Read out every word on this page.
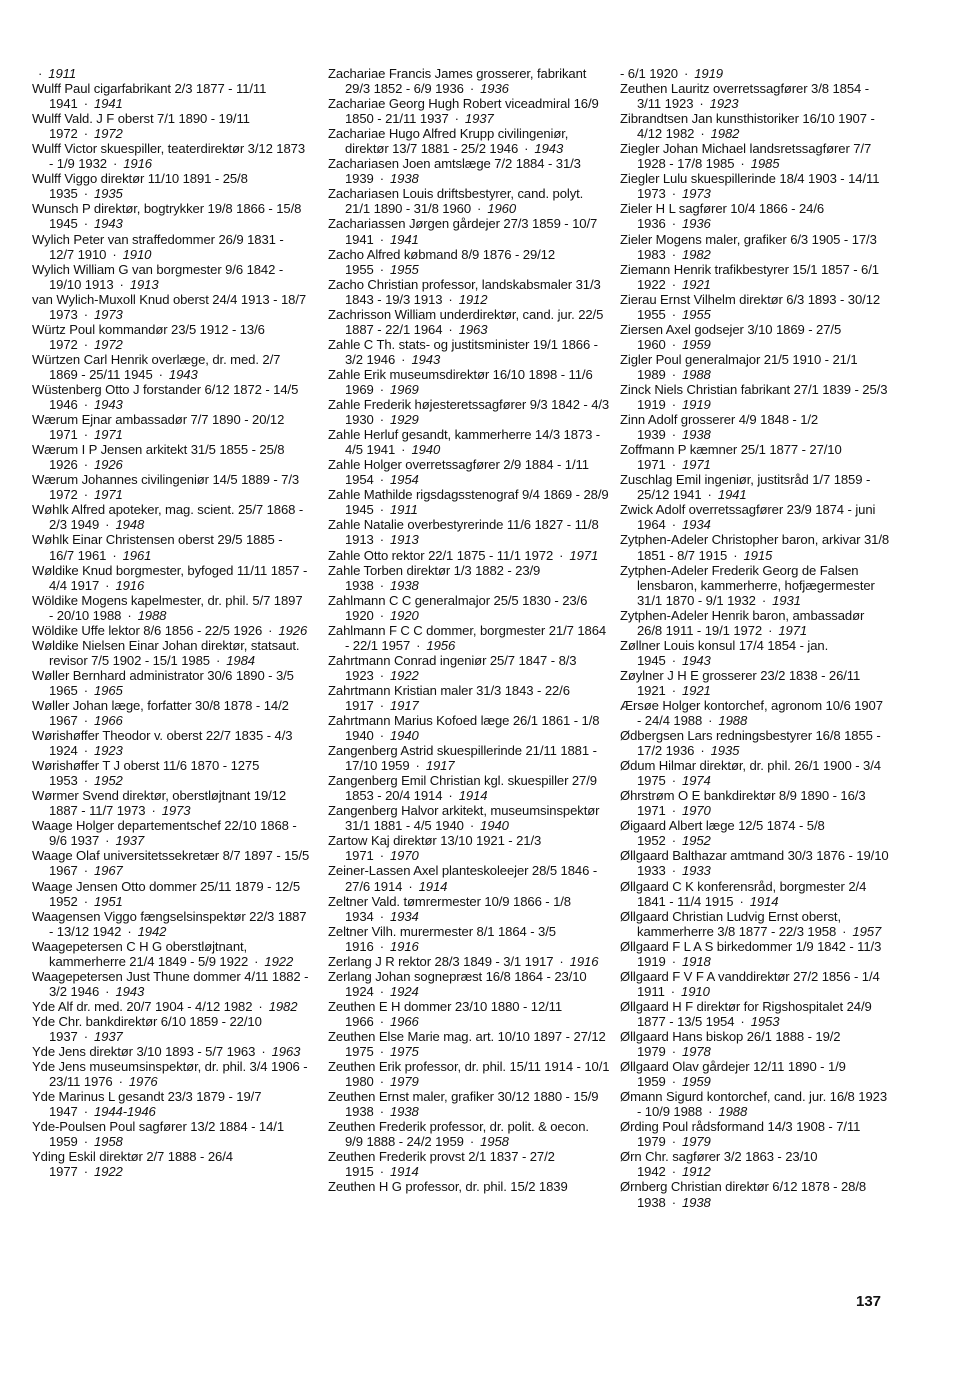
· 1911

Wulff Paul cigarfabrikant 2/3 1877 - 11/11 1941 · 1941

Wulff Vald. J F oberst 7/1 1890 - 19/11 1972 · 1972

Wulff Victor skuespiller, teaterdirektør 3/12 1873 - 1/9 1932 · 1916

Wulff Viggo direktør 11/10 1891 - 25/8 1935 · 1935

Wunsch P direktør, bogtrykker 19/8 1866 - 15/8 1945 · 1943

Wylich Peter van straffedommer 26/9 1831 - 12/7 1910 · 1910

Wylich William G van borgmester 9/6 1842 - 19/10 1913 · 1913

van Wylich-Muxoll Knud oberst 24/4 1913 - 18/7 1973 · 1973

Würtz Poul kommandør 23/5 1912 - 13/6 1972 · 1972

Würtzen Carl Henrik overlæge, dr. med. 2/7 1869 - 25/11 1945 · 1943

Wüstenberg Otto J forstander 6/12 1872 - 14/5 1946 · 1943

Wærum Ejnar ambassadør 7/7 1890 - 20/12 1971 · 1971

Wærum I P Jensen arkitekt 31/5 1855 - 25/8 1926 · 1926

Wærum Johannes civilingeniør 14/5 1889 - 7/3 1972 · 1971

Wøhlk Alfred apoteker, mag. scient. 25/7 1868 - 2/3 1949 · 1948

Wøhlk Einar Christensen oberst 29/5 1885 - 16/7 1961 · 1961

Wøldike Knud borgmester, byfoged 11/11 1857 - 4/4 1917 · 1916

Wöldike Mogens kapelmester, dr. phil. 5/7 1897 - 20/10 1988 · 1988

Wöldike Uffe lektor 8/6 1856 - 22/5 1926 · 1926

Wøldike Nielsen Einar Johan direktør, statsaut. revisor 7/5 1902 - 15/1 1985 · 1984

Wøller Bernhard administrator 30/6 1890 - 3/5 1965 · 1965

Wøller Johan læge, forfatter 30/8 1878 - 14/2 1967 · 1966

Wørishøffer Theodor v. oberst 22/7 1835 - 4/3 1924 · 1923

Wørishøffer T J oberst 11/6 1870 - 1275 1953 · 1952

Wørmer Svend direktør, oberstløjtnant 19/12 1887 - 11/7 1973 · 1973

Waage Holger departementschef 22/10 1868 - 9/6 1937 · 1937

Waage Olaf universitetssekretær 8/7 1897 - 15/5 1967 · 1967

Waage Jensen Otto dommer 25/11 1879 - 12/5 1952 · 1951

Waagensen Viggo fængselsinspektør 22/3 1887 - 13/12 1942 · 1942

Waagepetersen C H G oberstløjtnant, kammerherre 21/4 1849 - 5/9 1922 · 1922

Waagepetersen Just Thune dommer 4/11 1882 - 3/2 1946 · 1943

Yde Alf dr. med. 20/7 1904 - 4/12 1982 · 1982

Yde Chr. bankdirektør 6/10 1859 - 22/10 1937 · 1937

Yde Jens direktør 3/10 1893 - 5/7 1963 · 1963

Yde Jens museumsinspektør, dr. phil. 3/4 1906 - 23/11 1976 · 1976

Yde Marinus L gesandt 23/3 1879 - 19/7 1947 · 1944-1946

Yde-Poulsen Poul sagfører 13/2 1884 - 14/1 1959 · 1958

Yding Eskil direktør 2/7 1888 - 26/4 1977 · 1922

Zachariae Francis James grosserer, fabrikant 29/3 1852 - 6/9 1936 · 1936

Zachariae Georg Hugh Robert viceadmiral 16/9 1850 - 21/11 1937 · 1937

Zachariae Hugo Alfred Krupp civilingeniør, direktør 13/7 1881 - 25/2 1946 · 1943

Zachariasen Joen amtslæge 7/2 1884 - 31/3 1939 · 1938

Zachariasen Louis driftsbestyrer, cand. polyt. 21/1 1890 - 31/8 1960 · 1960

Zachariassen Jørgen gårdejer 27/3 1859 - 10/7 1941 · 1941

Zacho Alfred købmand 8/9 1876 - 29/12 1955 · 1955

Zacho Christian professor, landskabsmaler 31/3 1843 - 19/3 1913 · 1912

Zachrisson William underdirektør, cand. jur. 22/5 1887 - 22/1 1964 · 1963

Zahle C Th. stats- og justitsminister 19/1 1866 - 3/2 1946 · 1943

Zahle Erik museumsdirektør 16/10 1898 - 11/6 1969 · 1969

Zahle Frederik højesteretssagfører 9/3 1842 - 4/3 1930 · 1929

Zahle Herluf gesandt, kammerherre 14/3 1873 - 4/5 1941 · 1940

Zahle Holger overretssagfører 2/9 1884 - 1/11 1954 · 1954

Zahle Mathilde rigsdagsstenograf 9/4 1869 - 28/9 1945 · 1911

Zahle Natalie overbestyrerinde 11/6 1827 - 11/8 1913 · 1913

Zahle Otto rektor 22/1 1875 - 11/1 1972 · 1971

Zahle Torben direktør 1/3 1882 - 23/9 1938 · 1938

Zahlmann C C generalmajor 25/5 1830 - 23/6 1920 · 1920

Zahlmann F C C dommer, borgmester 21/7 1864 - 22/1 1957 · 1956

Zahrtmann Conrad ingeniør 25/7 1847 - 8/3 1923 · 1922

Zahrtmann Kristian maler 31/3 1843 - 22/6 1917 · 1917

Zahrtmann Marius Kofoed læge 26/1 1861 - 1/8 1940 · 1940

Zangenberg Astrid skuespillerinde 21/11 1881 - 17/10 1959 · 1917

Zangenberg Emil Christian kgl. skuespiller 27/9 1853 - 20/4 1914 · 1914

Zangenberg Halvor arkitekt, museumsinspektør 31/1 1881 - 4/5 1940 · 1940

Zartow Kaj direktør 13/10 1921 - 21/3 1971 · 1970

Zeiner-Lassen Axel planteskoleejer 28/5 1846 - 27/6 1914 · 1914

Zeltner Vald. tømrermester 10/9 1866 - 1/8 1934 · 1934

Zeltner Vilh. murermester 8/1 1864 - 3/5 1916 · 1916

Zerlang J R rektor 28/3 1849 - 3/1 1917 · 1916

Zerlang Johan sognepræst 16/8 1864 - 23/10 1924 · 1924

Zeuthen E H dommer 23/10 1880 - 12/11 1966 · 1966

Zeuthen Else Marie mag. art. 10/10 1897 - 27/12 1975 · 1975

Zeuthen Erik professor, dr. phil. 15/11 1914 - 10/1 1980 · 1979

Zeuthen Ernst maler, grafiker 30/12 1880 - 15/9 1938 · 1938

Zeuthen Frederik professor, dr. polit. & oecon. 9/9 1888 - 24/2 1959 · 1958

Zeuthen Frederik provst 2/1 1837 - 27/2 1915 · 1914

Zeuthen H G professor, dr. phil. 15/2 1839

- 6/1 1920 · 1919

Zeuthen Lauritz overretssagfører 3/8 1854 - 3/11 1923 · 1923

Zibrandtsen Jan kunsthistoriker 16/10 1907 - 4/12 1982 · 1982

Ziegler Johan Michael landsretssagfører 7/7 1928 - 17/8 1985 · 1985

Ziegler Lulu skuespillerinde 18/4 1903 - 14/11 1973 · 1973

Zieler H L sagfører 10/4 1866 - 24/6 1936 · 1936

Zieler Mogens maler, grafiker 6/3 1905 - 17/3 1983 · 1982

Ziemann Henrik trafikbestyrer 15/1 1857 - 6/1 1922 · 1921

Zierau Ernst Vilhelm direktør 6/3 1893 - 30/12 1955 · 1955

Ziersen Axel godsejer 3/10 1869 - 27/5 1960 · 1959

Zigler Poul generalmajor 21/5 1910 - 21/1 1989 · 1988

Zinck Niels Christian fabrikant 27/1 1839 - 25/3 1919 · 1919

Zinn Adolf grosserer 4/9 1848 - 1/2 1939 · 1938

Zoffmann P kæmner 25/1 1877 - 27/10 1971 · 1971

Zuschlag Emil ingeniør, justitsråd 1/7 1859 - 25/12 1941 · 1941

Zwick Adolf overretssagfører 23/9 1874 - juni 1964 · 1934

Zytphen-Adeler Christopher baron, arkivar 31/8 1851 - 8/7 1915 · 1915

Zytphen-Adeler Frederik Georg de Falsen lensbaron, kammerherre, hofjægermester 31/1 1870 - 9/1 1932 · 1931

Zytphen-Adeler Henrik baron, ambassadør 26/8 1911 - 19/1 1972 · 1971

Zøllner Louis konsul 17/4 1854 - jan. 1945 · 1943

Zøylner J H E grosserer 23/2 1838 - 26/11 1921 · 1921

Ærsøe Holger kontorchef, agronom 10/6 1907 - 24/4 1988 · 1988

Ødbergsen Lars redningsbestyrer 16/8 1855 - 17/2 1936 · 1935

Ødum Hilmar direktør, dr. phil. 26/1 1900 - 3/4 1975 · 1974

Øhrstrøm O E bankdirektør 8/9 1890 - 16/3 1971 · 1970

Øigaard Albert læge 12/5 1874 - 5/8 1952 · 1952

Øllgaard Balthazar amtmand 30/3 1876 - 19/10 1933 · 1933

Øllgaard C K konferensråd, borgmester 2/4 1841 - 11/4 1915 · 1914

Øllgaard Christian Ludvig Ernst oberst, kammerherre 3/8 1877 - 22/3 1958 · 1957

Øllgaard F L A S birkedommer 1/9 1842 - 11/3 1919 · 1918

Øllgaard F V F A vanddirektør 27/2 1856 - 1/4 1911 · 1910

Øllgaard H F direktør for Rigshospitalet 24/9 1877 - 13/5 1954 · 1953

Øllgaard Hans biskop 26/1 1888 - 19/2 1979 · 1978

Øllgaard Olav gårdejer 12/11 1890 - 1/9 1959 · 1959

Ømann Sigurd kontorchef, cand. jur. 16/8 1923 - 10/9 1988 · 1988

Ørding Poul rådsformand 14/3 1908 - 7/11 1979 · 1979

Ørn Chr. sagfører 3/2 1863 - 23/10 1942 · 1912

Ørnberg Christian direktør 6/12 1878 - 28/8 1938 · 1938

137
